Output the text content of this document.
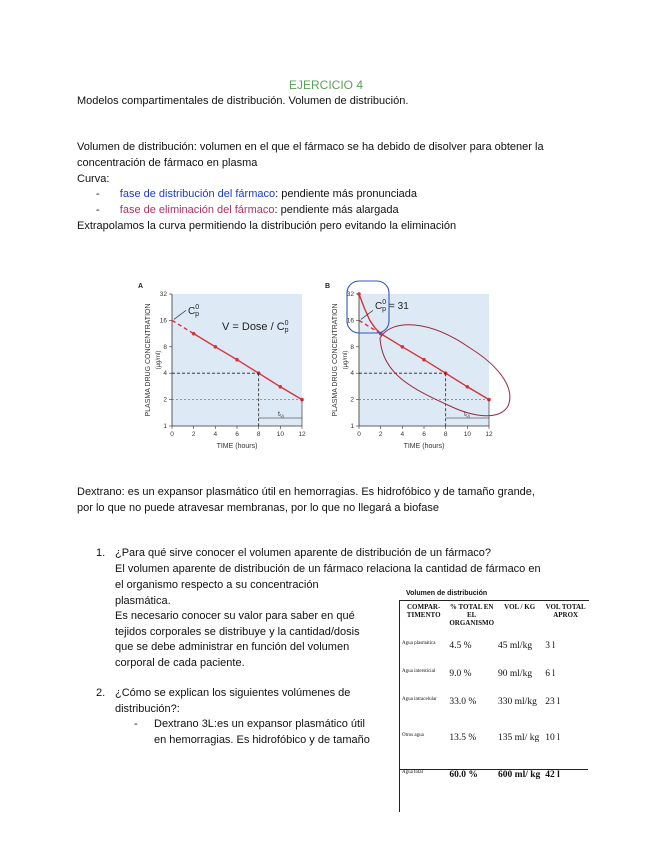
EJERCICIO 4
Modelos compartimentales de distribución. Volumen de distribución.
Volumen de distribución: volumen en el que el fármaco se ha debido de disolver para obtener la
concentración de fármaco en plasma
Curva:
- fase de distribución del fármaco: pendiente más pronunciada
- fase de eliminación del fármaco: pendiente más alargada
Extrapolamos la curva permitiendo la distribución pero evitando la eliminación
A
0	2	4	6	8 10 12
1
2
4
8
16
32
$C^0$ p
V = Dose / $C^0$ p
PLASMA DRUG CONCENTRATION (μg/ml)
TIME (hours)
$t_{\frac{1}{2}}$
B
0	2	4	6	8 10 12
1
2
4
8
16
32
$C^0$ p = 31
PLASMA DRUG CONCENTRATION (μg/ml)
TIME (hours)
$t_{\frac{1}{2}}$
Dextrano: es un expansor plasmático útil en hemorragias. Es hidrofóbico y de tamaño grande,
por lo que no puede atravesar membranas, por lo que no llegará a biofase
1. ¿Para qué sirve conocer el volumen aparente de distribución de un fármaco?
El volumen aparente de distribución de un fármaco relaciona la cantidad de fármaco en
el organismo respecto a su concentración
plasmática.
Es necesario conocer su valor para saber en qué
tejidos corporales se distribuye y la cantidad/dosis
que se debe administrar en función del volumen
corporal de cada paciente.
2. ¿Cómo se explican los siguientes volúmenes de
distribución?:
- Dextrano 3L:es un expansor plasmático útil
en hemorragias. Es hidrofóbico y de tamaño
Volumen de distribución
COMPAR-TIMENTO	% TOTAL EN EL ORGANISMO	VOL / KG	VOL TOTAL APROX
Agua plasmática	4.5 %	45 ml/kg	3 l
Agua intersticial	9.0 %	90 ml/kg	6 l
Agua intracelular	33.0 %	330 ml/kg	23 l
Otros agua	13.5 %	135 ml/ kg	10 l
Agua total	60.0 %	600 ml/ kg	42 l
